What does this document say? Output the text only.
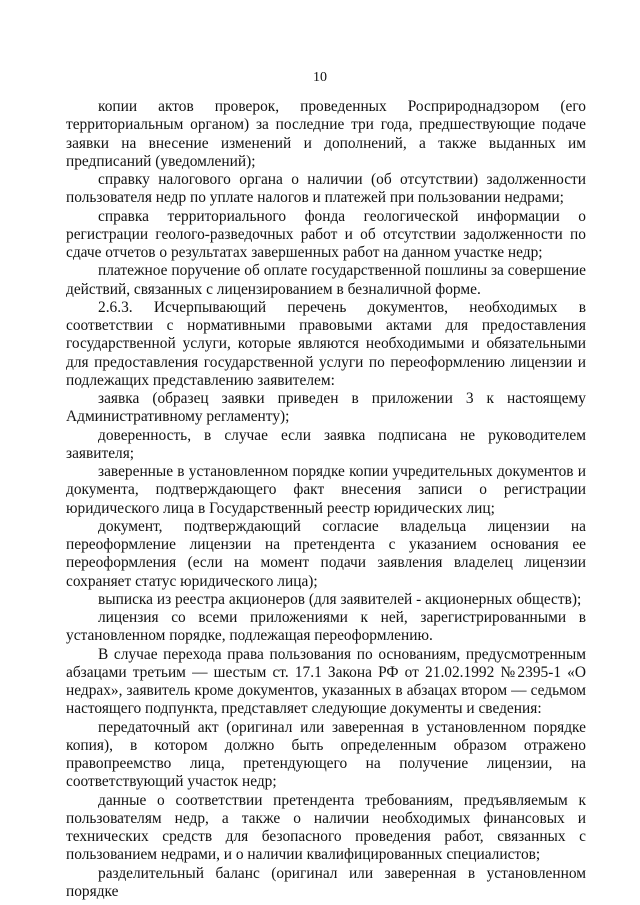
10

копии актов проверок, проведенных Росприроднадзором (его территориальным органом) за последние три года, предшествующие подаче заявки на внесение изменений и дополнений, а также выданных им предписаний (уведомлений);

справку налогового органа о наличии (об отсутствии) задолженности пользователя недр по уплате налогов и платежей при пользовании недрами;

справка территориального фонда геологической информации о регистрации геолого-разведочных работ и об отсутствии задолженности по сдаче отчетов о результатах завершенных работ на данном участке недр;

платежное поручение об оплате государственной пошлины за совершение действий, связанных с лицензированием в безналичной форме.

2.6.3. Исчерпывающий перечень документов, необходимых в соответствии с нормативными правовыми актами для предоставления государственной услуги, которые являются необходимыми и обязательными для предоставления государственной услуги по переоформлению лицензии и подлежащих представлению заявителем:

заявка (образец заявки приведен в приложении 3 к настоящему Административному регламенту);

доверенность, в случае если заявка подписана не руководителем заявителя;

заверенные в установленном порядке копии учредительных документов и документа, подтверждающего факт внесения записи о регистрации юридического лица в Государственный реестр юридических лиц;

документ, подтверждающий согласие владельца лицензии на переоформление лицензии на претендента с указанием основания ее переоформления (если на момент подачи заявления владелец лицензии сохраняет статус юридического лица);

выписка из реестра акционеров (для заявителей - акционерных обществ);

лицензия со всеми приложениями к ней, зарегистрированными в установленном порядке, подлежащая переоформлению.

В случае перехода права пользования по основаниям, предусмотренным абзацами третьим — шестым ст. 17.1 Закона РФ от 21.02.1992 №2395-1 «О недрах», заявитель кроме документов, указанных в абзацах втором — седьмом настоящего подпункта, представляет следующие документы и сведения:

передаточный акт (оригинал или заверенная в установленном порядке копия), в котором должно быть определенным образом отражено правопреемство лица, претендующего на получение лицензии, на соответствующий участок недр;

данные о соответствии претендента требованиям, предъявляемым к пользователям недр, а также о наличии необходимых финансовых и технических средств для безопасного проведения работ, связанных с пользованием недрами, и о наличии квалифицированных специалистов;

разделительный баланс (оригинал или заверенная в установленном порядке
